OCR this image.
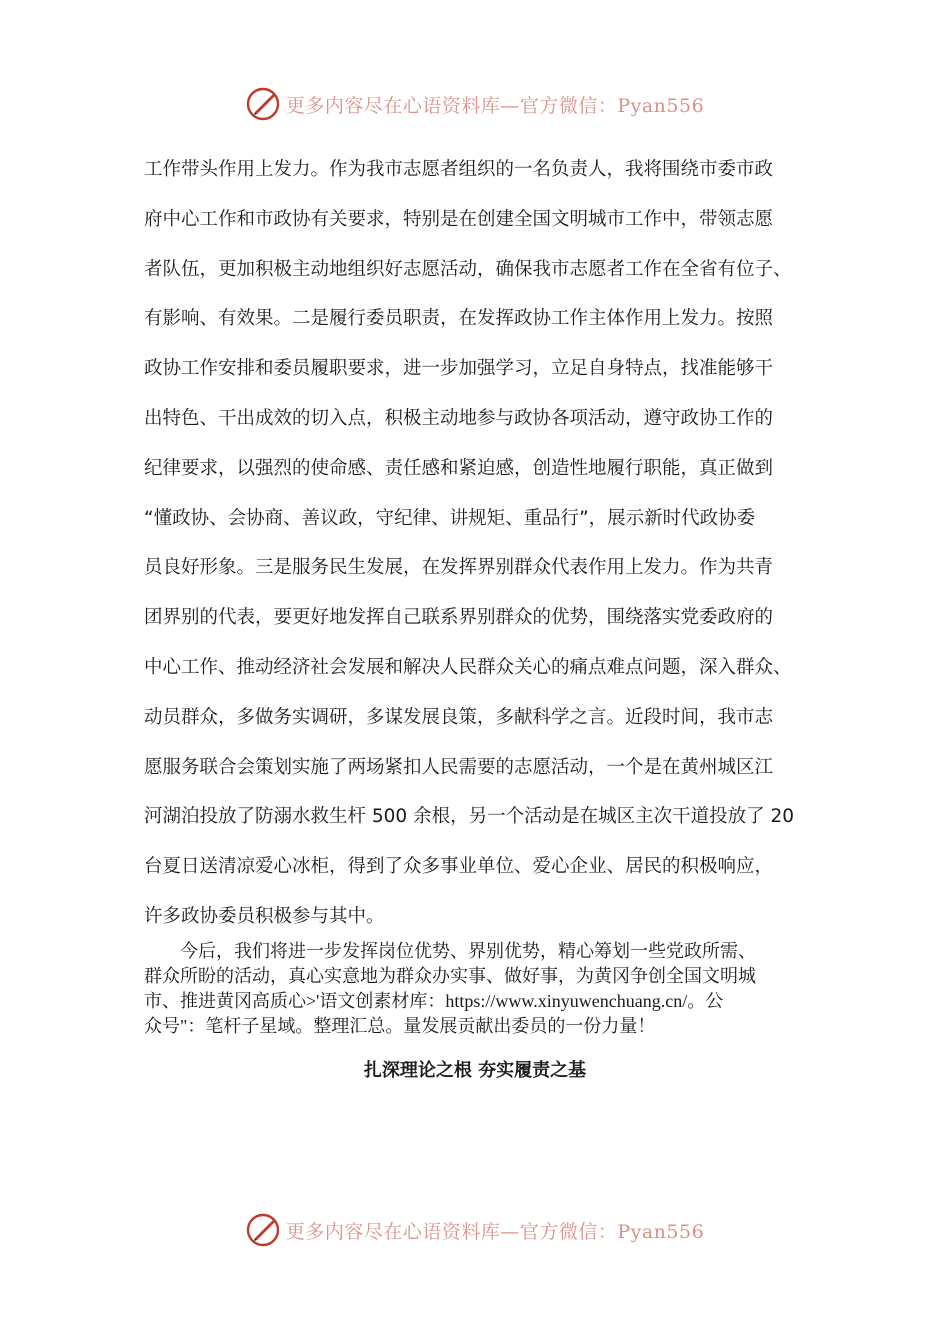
更多内容尽在心语资料库—官方微信：Pyan556
工作带头作用上发力。作为我市志愿者组织的一名负责人，我将围绕市委市政
府中心工作和市政协有关要求，特别是在创建全国文明城市工作中，带领志愿
者队伍，更加积极主动地组织好志愿活动，确保我市志愿者工作在全省有位子、
有影响、有效果。二是履行委员职责，在发挥政协工作主体作用上发力。按照
政协工作安排和委员履职要求，进一步加强学习，立足自身特点，找准能够干
出特色、干出成效的切入点，积极主动地参与政协各项活动，遵守政协工作的
纪律要求，以强烈的使命感、责任感和紧迫感，创造性地履行职能，真正做到
“懂政协、会协商、善议政，守纪律、讲规矩、重品行”，展示新时代政协委
员良好形象。三是服务民生发展，在发挥界别群众代表作用上发力。作为共青
团界别的代表，要更好地发挥自己联系界别群众的优势，围绕落实党委政府的
中心工作、推动经济社会发展和解决人民群众关心的痛点难点问题，深入群众、
动员群众，多做务实调研，多谋发展良策，多献科学之言。近段时间，我市志
愿服务联合会策划实施了两场紧扣人民需要的志愿活动，一个是在黄州城区江
河湖泊投放了防溺水救生杆 500 余根，另一个活动是在城区主次干道投放了 20
台夏日送清凉爱心冰柜，得到了众多事业单位、爱心企业、居民的积极响应，
许多政协委员积极参与其中。
　　今后，我们将进一步发挥岗位优势、界别优势，精心筹划一些党政所需、
群众所盼的活动，真心实意地为群众办实事、做好事，为黄冈争创全国文明城
市、推进黄冈高质心>'语文创素材库：https://www.xinyuwenchuang.cn/。公
众号"：笔杆子星域。整理汇总。量发展贡献出委员的一份力量！
扎深理论之根 夯实履责之基
更多内容尽在心语资料库—官方微信：Pyan556
